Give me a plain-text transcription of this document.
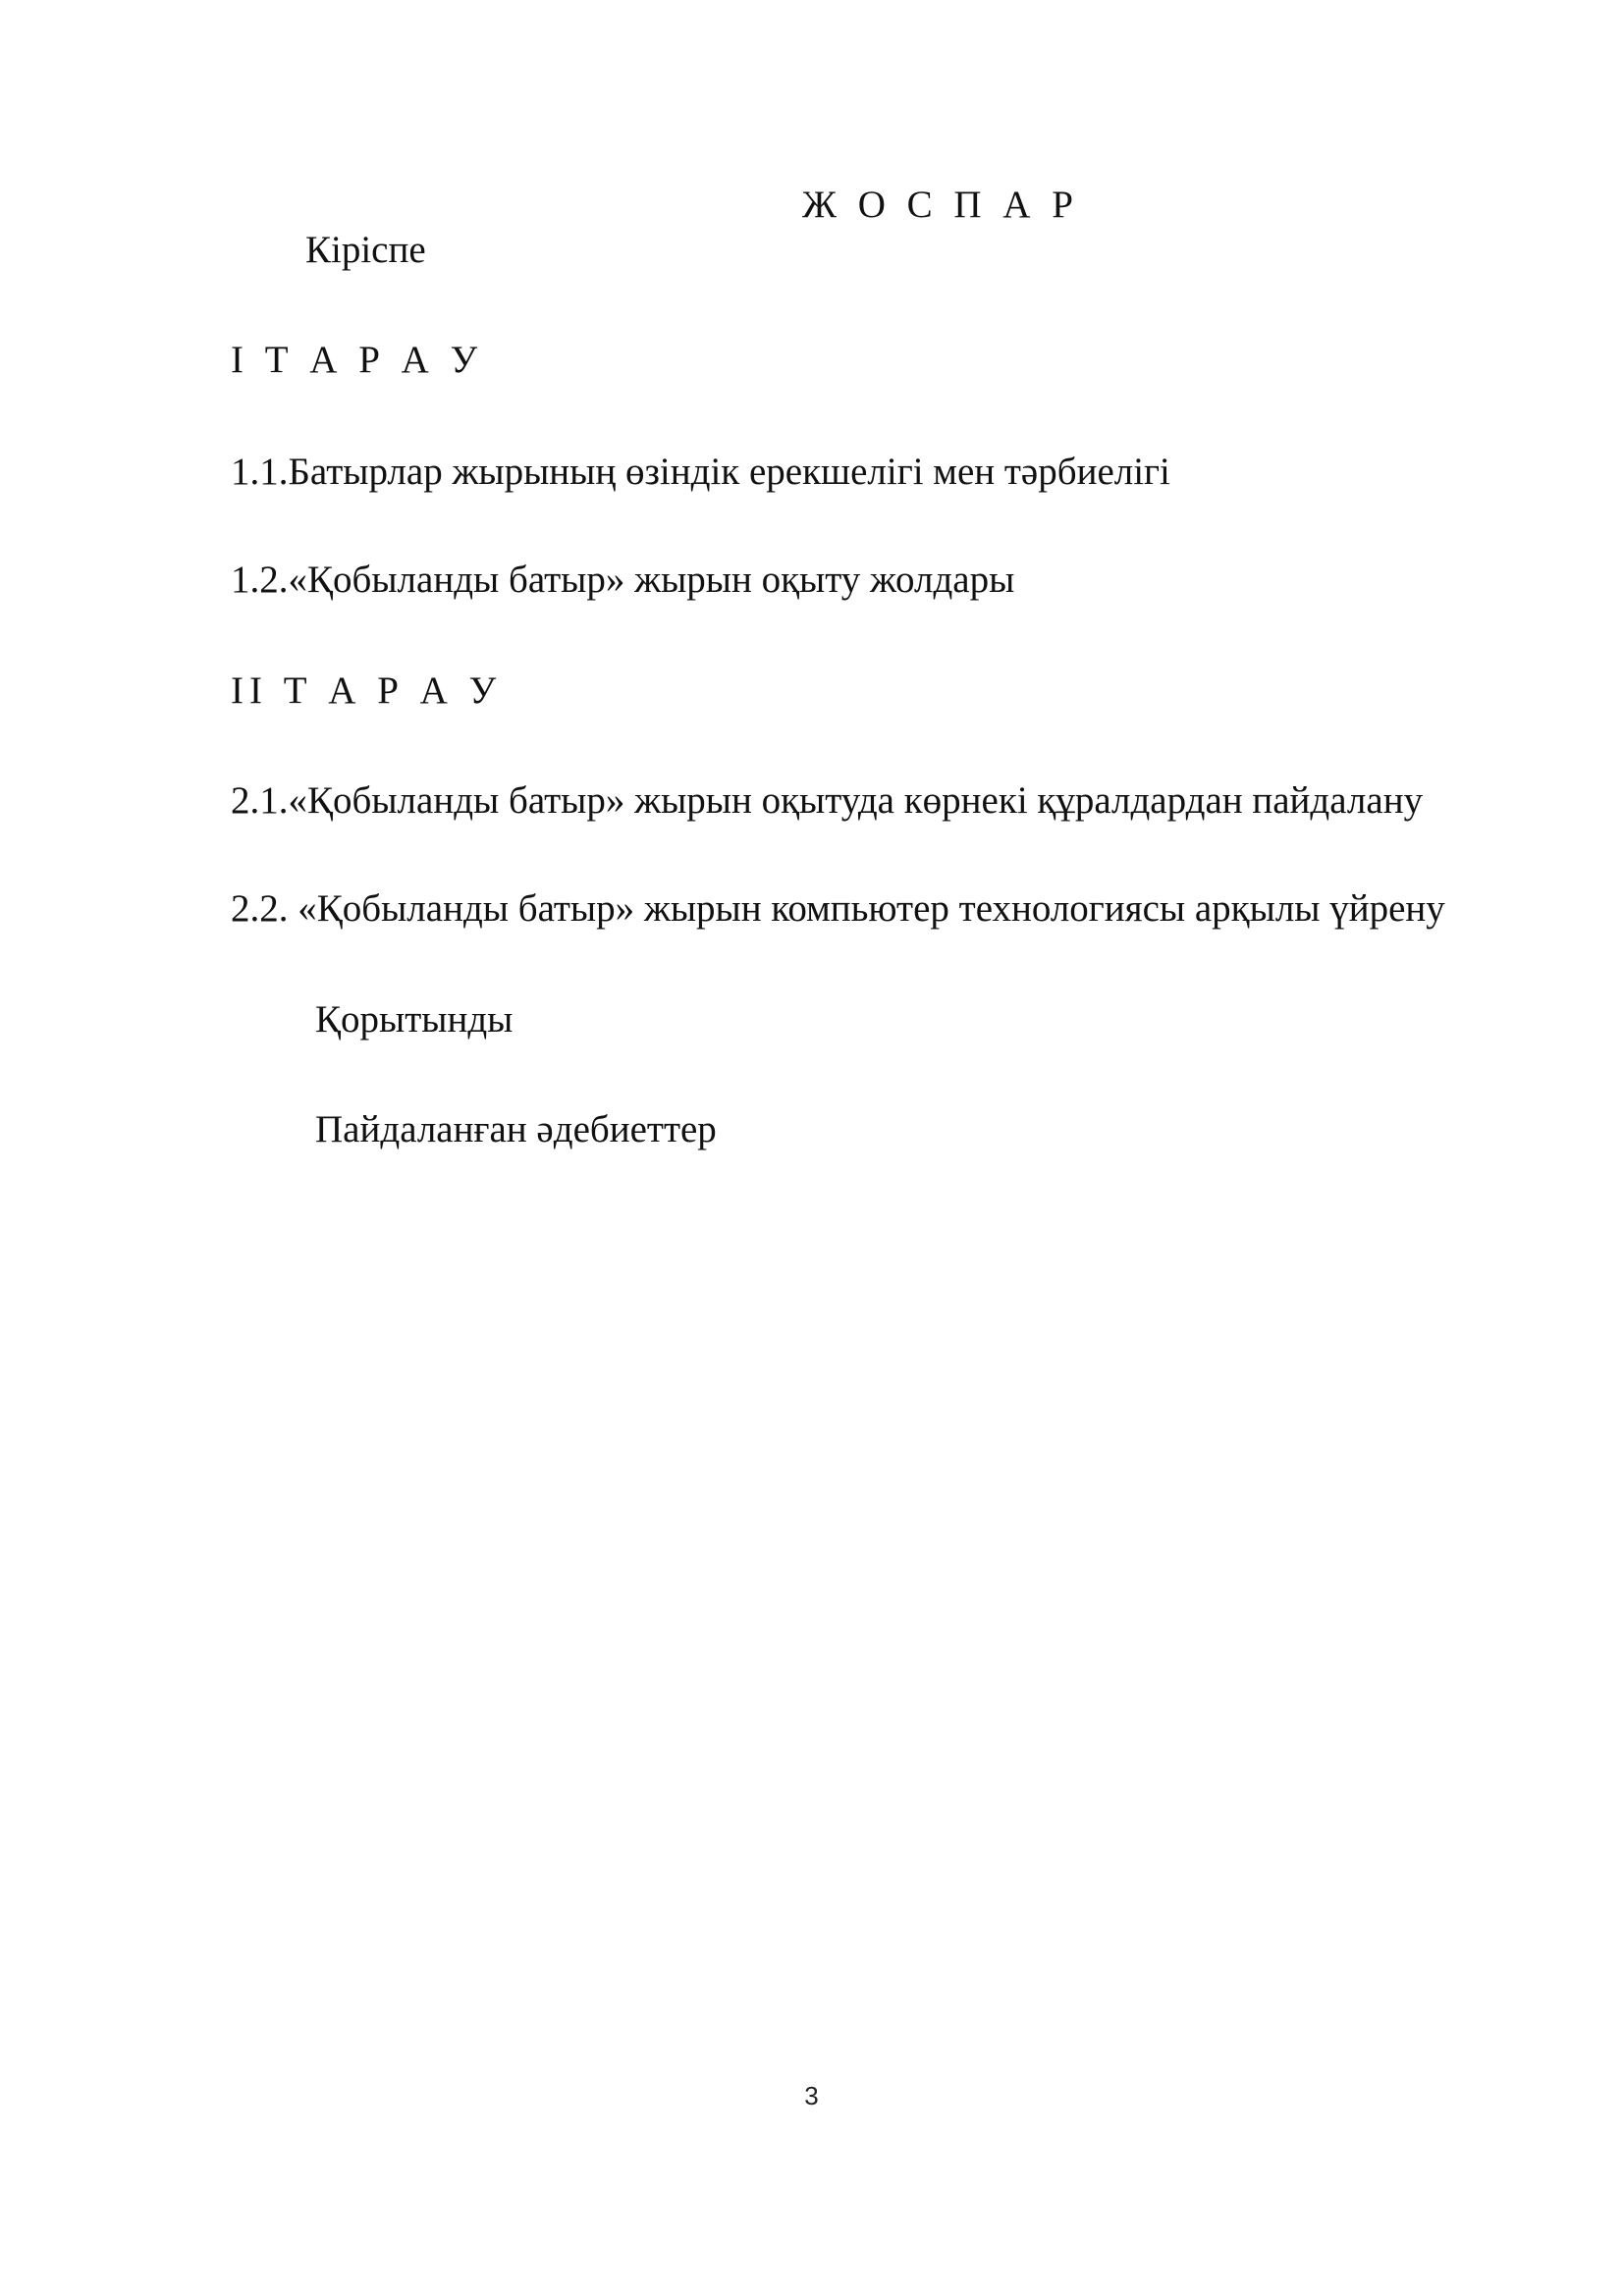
Ж О С П А Р
Кіріспе
І Т А Р А У
1.1.Батырлар жырының өзіндік ерекшелігі мен тәрбиелігі
1.2.«Қобыланды батыр» жырын оқыту жолдары
ІІ Т А Р А У
2.1.«Қобыланды батыр» жырын оқытуда көрнекі құралдардан пайдалану
2.2. «Қобыланды батыр» жырын компьютер технологиясы арқылы үйрену
Қорытынды
Пайдаланған әдебиеттер
3
